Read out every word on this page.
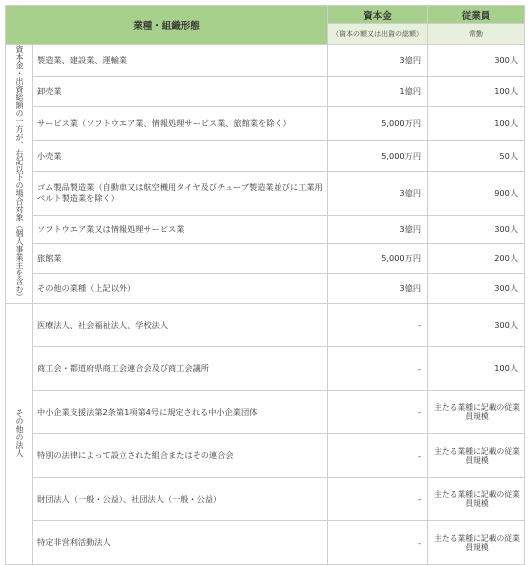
業種・組織形態		資本金	従業員
		（資本の額又は出資の総額）	常勤
資本金・出資総額の一方が、右記以下の場合対象（個人事業主を含む）	製造業、建設業、運輸業	3億円	300人
	卸売業	1億円	100人
	サービス業（ソフトウエア業、情報処理サービス業、旅館業を除く）	5,000万円	100人
	小売業	5,000万円	50人
	ゴム製品製造業（自動車又は航空機用タイヤ及びチューブ製造業並びに工業用ベルト製造業を除く）	3億円	900人
	ソフトウエア業又は情報処理サービス業	3億円	300人
	旅館業	5,000万円	200人
	その他の業種（上記以外）	3億円	300人
その他の法人	医療法人、社会福祉法人、学校法人	-	300人
	商工会・都道府県商工会連合会及び商工会議所	-	100人
	中小企業支援法第2条第1項第4号に規定される中小企業団体	-	主たる業種に記載の従業員規模
	特別の法律によって設立された組合またはその連合会	-	主たる業種に記載の従業員規模
	財団法人（一般・公益）、社団法人（一般・公益）	-	主たる業種に記載の従業員規模
	特定非営利活動法人	-	主たる業種に記載の従業員規模
